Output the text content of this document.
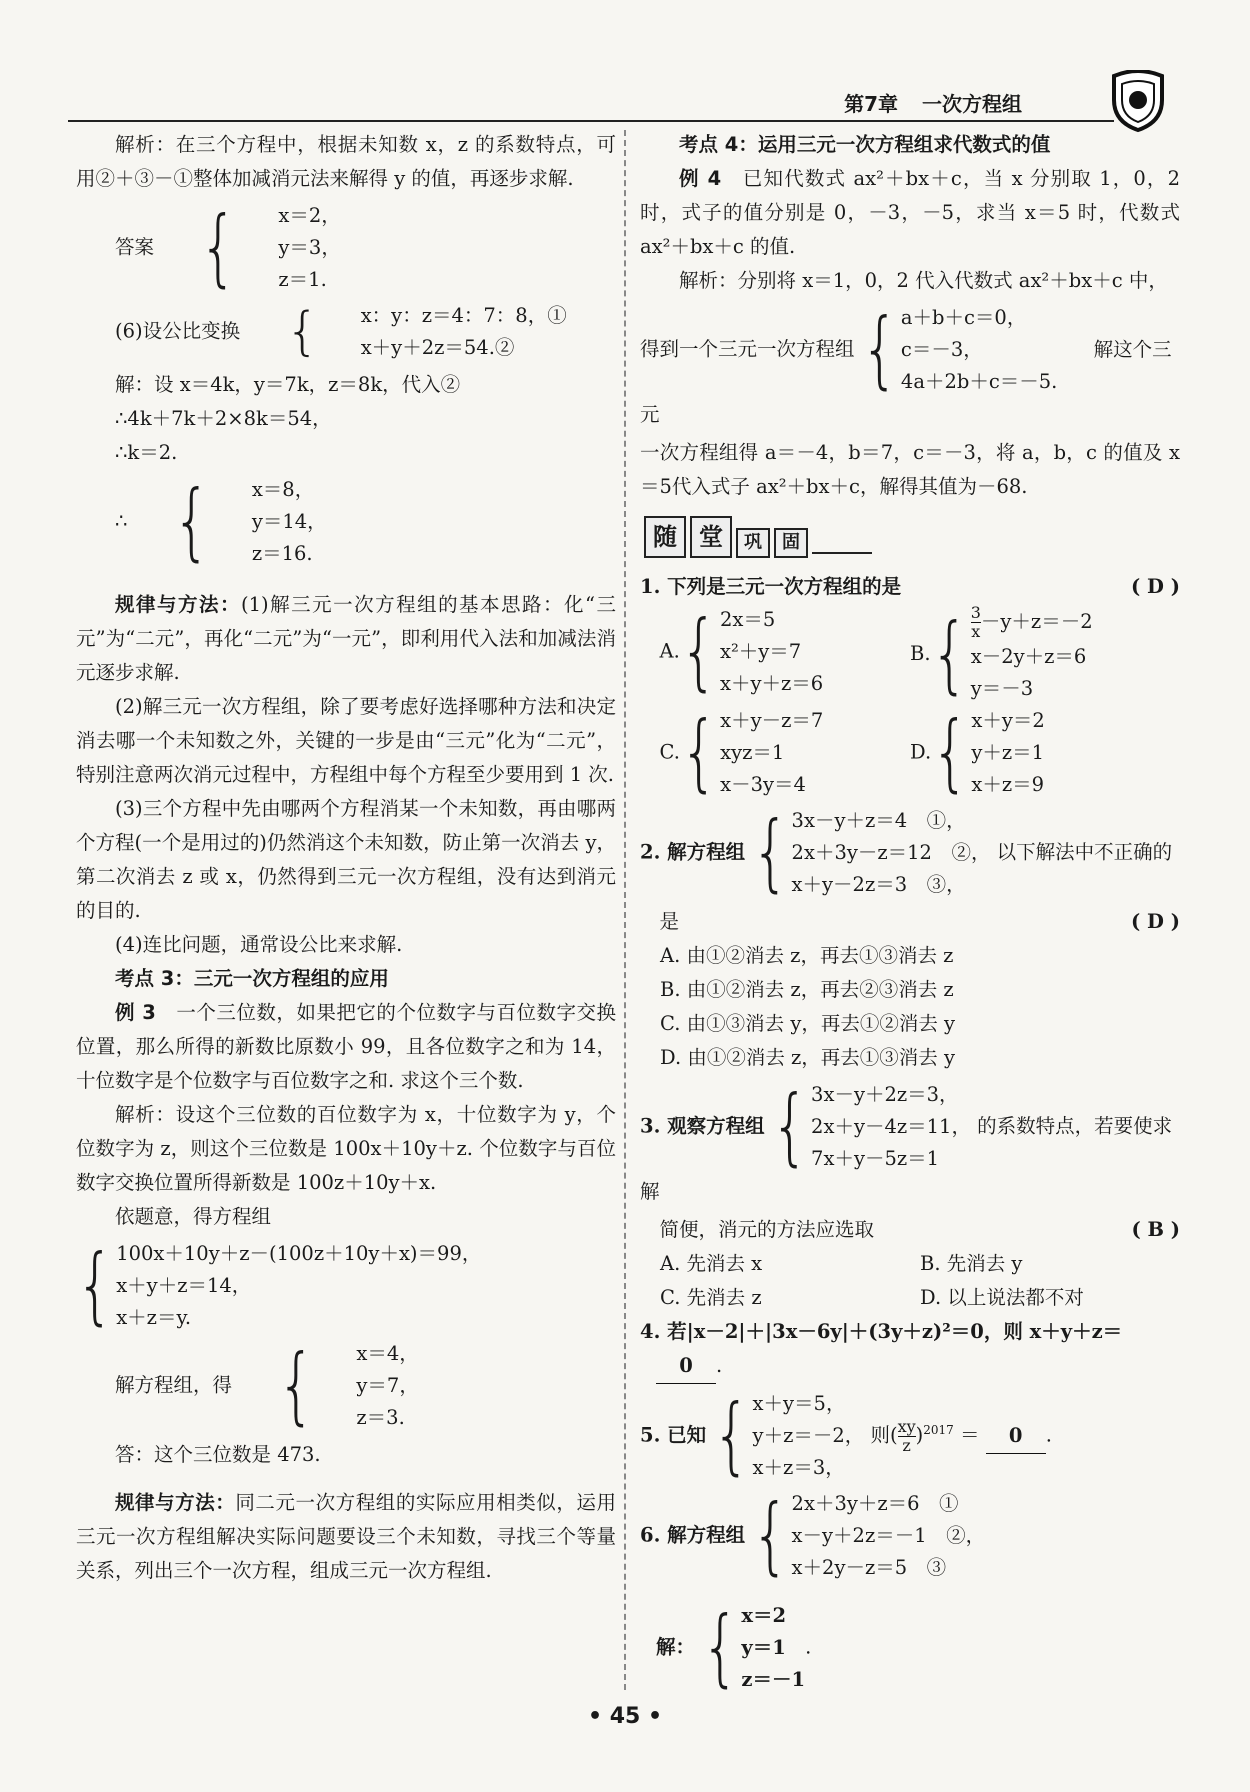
第7章 一次方程组

解析：在三个方程中，根据未知数 x，z 的系数特点，可用②＋③－①整体加减消元法来解得 y 的值，再逐步求解.

答案 {	x＝2，
y＝3，
z＝1.
(6)设公比变换 {	x：y：z＝4：7：8，①
x＋y＋2z＝54.②

解：设 x＝4k，y＝7k，z＝8k，代入②

∴4k＋7k＋2×8k＝54，

∴k＝2.

∴ {	x＝8，
y＝14，
z＝16.

规律与方法：(1)解三元一次方程组的基本思路：化“三元”为“二元”，再化“二元”为“一元”，即利用代入法和加减法消元逐步求解.

(2)解三元一次方程组，除了要考虑好选择哪种方法和决定消去哪一个未知数之外，关键的一步是由“三元”化为“二元”，特别注意两次消元过程中，方程组中每个方程至少要用到 1 次.

(3)三个方程中先由哪两个方程消某一个未知数，再由哪两个方程(一个是用过的)仍然消这个未知数，防止第一次消去 y，第二次消去 z 或 x，仍然得到三元一次方程组，没有达到消元的目的.

(4)连比问题，通常设公比来求解.

考点 3：三元一次方程组的应用

例 3　 一个三位数，如果把它的个位数字与百位数字交换位置，那么所得的新数比原数小 99，且各位数字之和为 14，十位数字是个位数字与百位数字之和. 求这个三个数.

解析：设这个三位数的百位数字为 x，十位数字为 y，个位数字为 z，则这个三位数是 100x＋10y＋z. 个位数字与百位数字交换位置所得新数是 100z＋10y＋x.

依题意，得方程组

{ 100x＋10y＋z－(100z＋10y＋x)＝99，
x＋y＋z＝14，
x＋z＝y.
解方程组，得 {	x＝4，
y＝7，
z＝3.

答：这个三位数是 473.

规律与方法：同二元一次方程组的实际应用相类似，运用三元一次方程组解决实际问题要设三个未知数，寻找三个等量关系，列出三个一次方程，组成三元一次方程组.

考点 4：运用三元一次方程组求代数式的值

例 4　 已知代数式 ax²＋bx＋c，当 x 分别取 1，0，2 时，式子的值分别是 0，－3，－5，求当 x＝5 时，代数式 ax²＋bx＋c 的值.

解析：分别将 x＝1，0，2 代入代数式 ax²＋bx＋c 中，

得到一个三元一次方程组 { a＋b＋c＝0，
c＝－3，
4a＋2b＋c＝－5.
解这个三元

一次方程组得 a＝－4，b＝7，c＝－3，将 a，b，c 的值及 x＝5代入式子 ax²＋bx＋c，解得其值为－68.

随 堂	巩	固

1. 下列是三元一次方程组的是	( D )

　A. { 2x＝5
x²＋y＝7
x＋y＋z＝6
B. { $\frac{3}{x} -y+z=-2$
x－2y＋z＝6
y＝－3
　C. { x＋y－z＝7
xyz＝1
x－3y＝4
D. { x＋y＝2
y＋z＝1
x＋z＝9
2. 解方程组 { 3x－y＋z＝4　①，
2x＋3y－z＝12　②，
x＋y－2z＝3　③，
以下解法中不正确的

　是	( D )

A. 由①②消去 z，再去①③消去 z

B. 由①②消去 z，再去②③消去 z

C. 由①③消去 y，再去①②消去 y

D. 由①②消去 z，再去①③消去 y

3. 观察方程组 { 3x－y＋2z＝3，
2x＋y－4z＝11，
7x＋y－5z＝1
的系数特点，若要使求解

　简便，消元的方法应选取	( B )

A. 先消去 x	B. 先消去 y
C. 先消去 z	D. 以上说法都不对

4. 若|x－2|＋|3x－6y|＋(3y＋z)²＝0，则 x＋y＋z＝

0 .

5. 已知 { x＋y＝5，
y＋z＝－2，
x＋z＝3，
则( $\frac{xy}{z} )^{2017} = 0$ .
6. 解方程组 { 2x＋3y＋z＝6　①
x－y＋2z＝－1　②，
x＋2y－z＝5　③
解： { x＝2
y＝1
z＝－1
.
• 45 •
